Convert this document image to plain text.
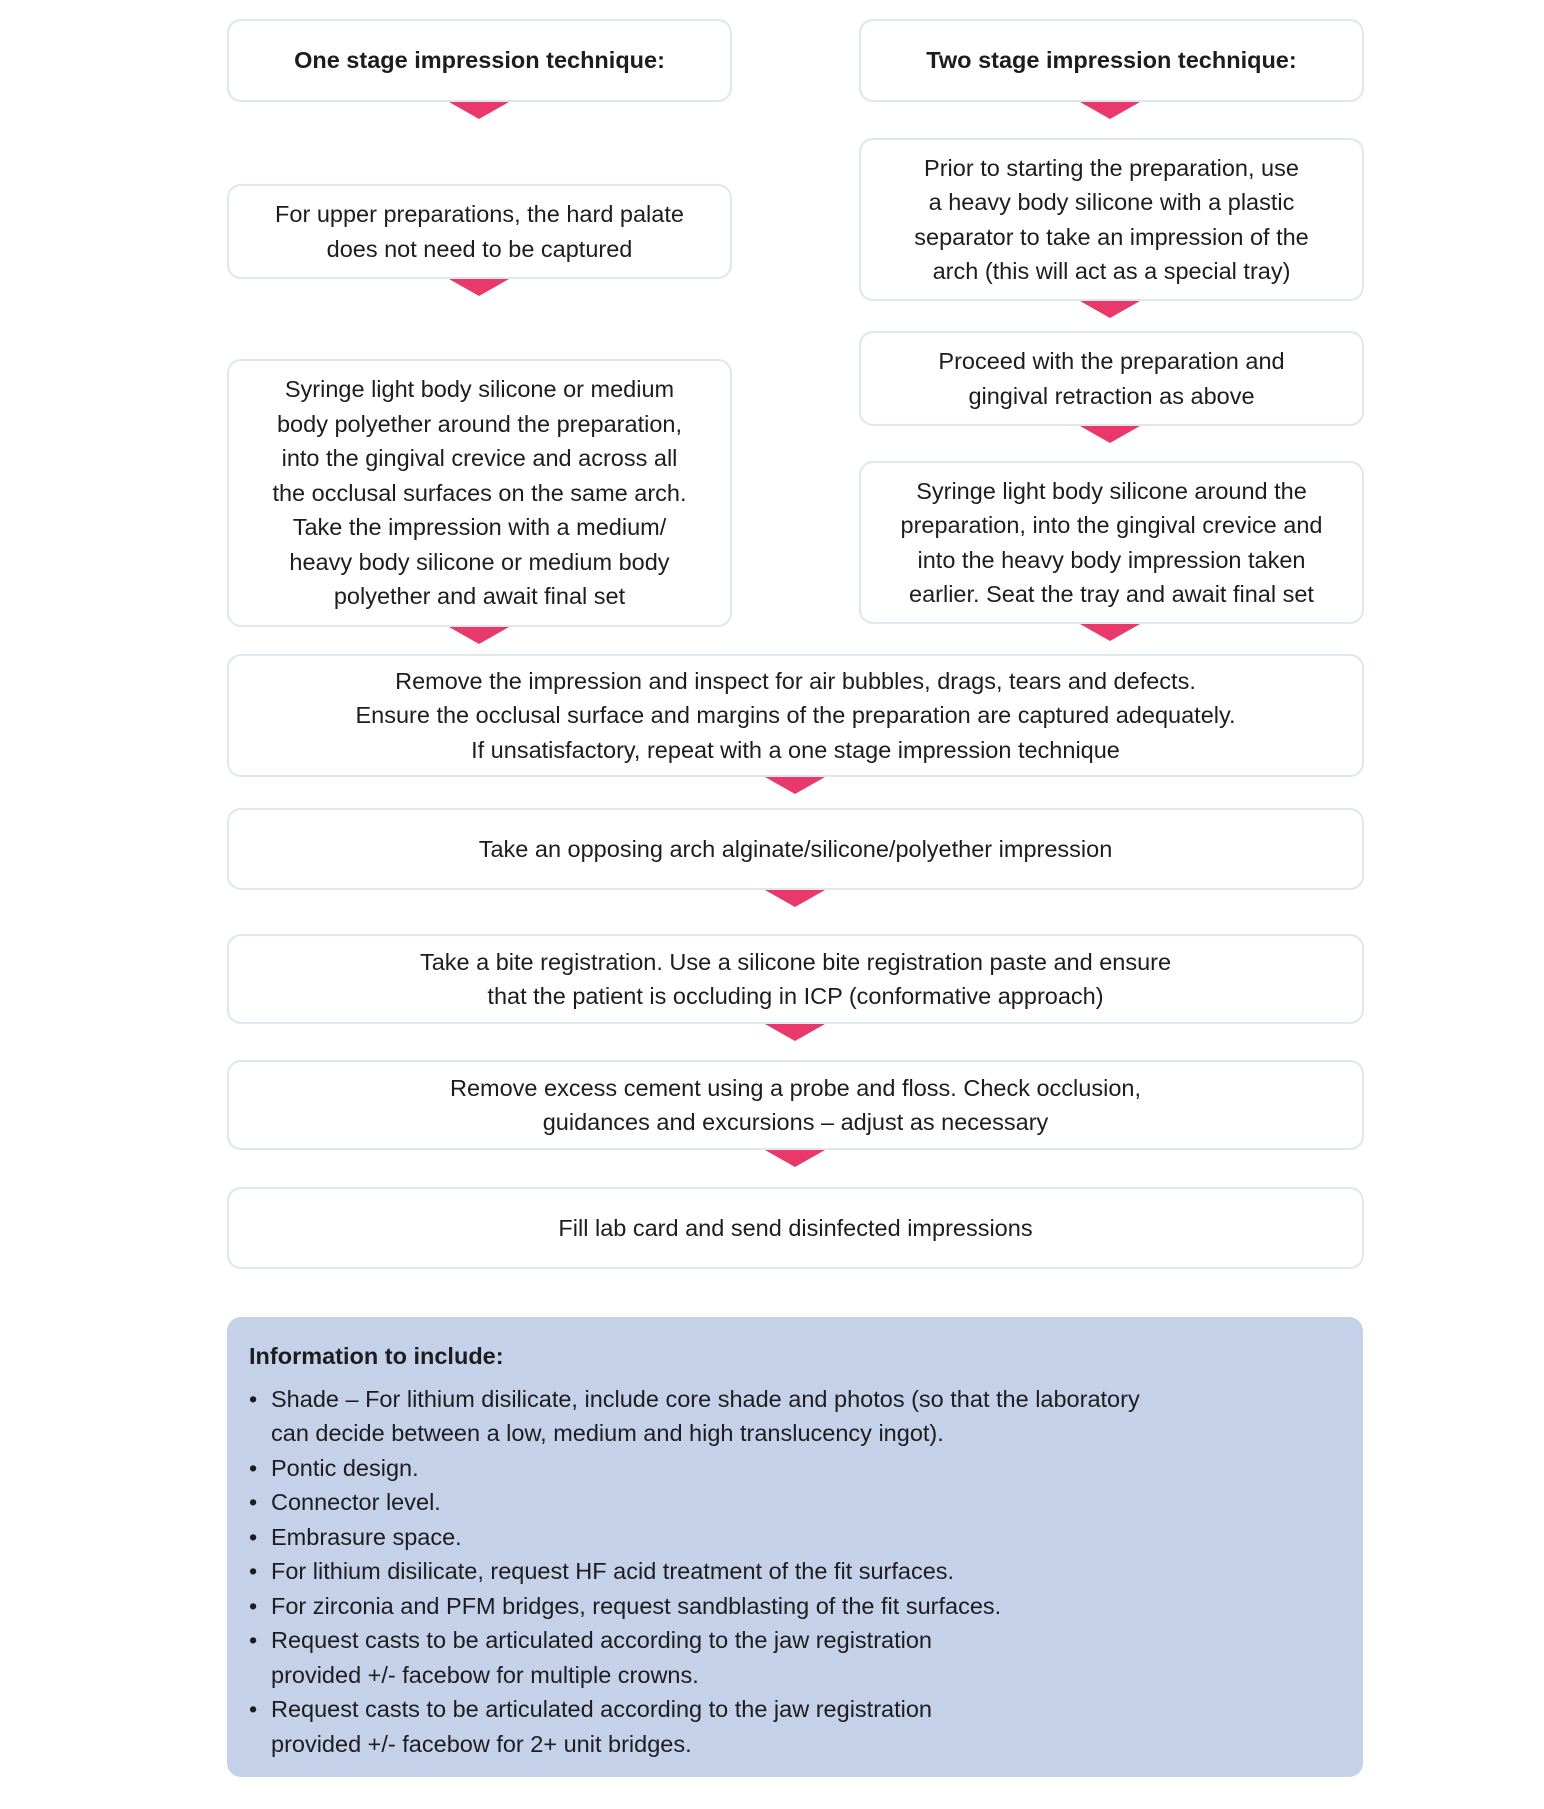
One stage impression technique:
For upper preparations, the hard palate
does not need to be captured
Syringe light body silicone or medium
body polyether around the preparation,
into the gingival crevice and across all
the occlusal surfaces on the same arch.
Take the impression with a medium/
heavy body silicone or medium body
polyether and await final set
Two stage impression technique:
Prior to starting the preparation, use
a heavy body silicone with a plastic
separator to take an impression of the
arch (this will act as a special tray)
Proceed with the preparation and
gingival retraction as above
Syringe light body silicone around the
preparation, into the gingival crevice and
into the heavy body impression taken
earlier. Seat the tray and await final set
Remove the impression and inspect for air bubbles, drags, tears and defects.
Ensure the occlusal surface and margins of the preparation are captured adequately.
If unsatisfactory, repeat with a one stage impression technique
Take an opposing arch alginate/silicone/polyether impression
Take a bite registration. Use a silicone bite registration paste and ensure
that the patient is occluding in ICP (conformative approach)
Remove excess cement using a probe and floss. Check occlusion,
guidances and excursions – adjust as necessary
Fill lab card and send disinfected impressions
Information to include:
• Shade – For lithium disilicate, include core shade and photos (so that the laboratory
can decide between a low, medium and high translucency ingot).
• Pontic design.
• Connector level.
• Embrasure space.
• For lithium disilicate, request HF acid treatment of the fit surfaces.
• For zirconia and PFM bridges, request sandblasting of the fit surfaces.
• Request casts to be articulated according to the jaw registration
provided +/- facebow for multiple crowns.
• Request casts to be articulated according to the jaw registration
provided +/- facebow for 2+ unit bridges.
